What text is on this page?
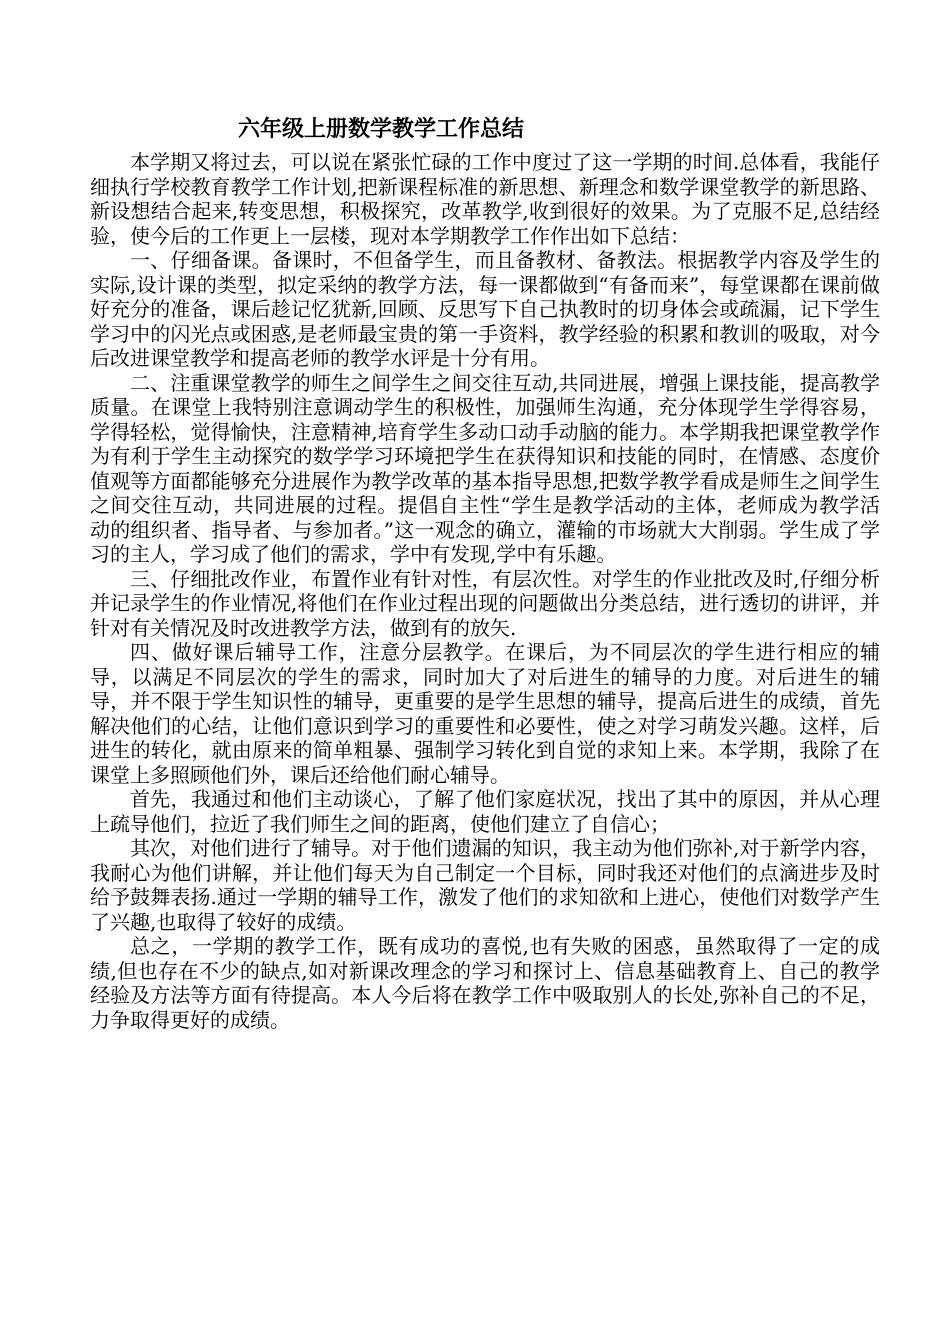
六年级上册数学教学工作总结

本学期又将过去，可以说在紧张忙碌的工作中度过了这一学期的时间.总体看，我能仔细执行学校教育教学工作计划,把新课程标准的新思想、新理念和数学课堂教学的新思路、新设想结合起来,转变思想，积极探究，改革教学,收到很好的效果。为了克服不足,总结经验，使今后的工作更上一层楼，现对本学期教学工作作出如下总结：

一、仔细备课。备课时，不但备学生，而且备教材、备教法。根据教学内容及学生的实际,设计课的类型，拟定采纳的教学方法，每一课都做到“有备而来”，每堂课都在课前做好充分的准备，课后趁记忆犹新,回顾、反思写下自己执教时的切身体会或疏漏，记下学生学习中的闪光点或困惑,是老师最宝贵的第一手资料，教学经验的积累和教训的吸取，对今后改进课堂教学和提高老师的教学水评是十分有用。

二、注重课堂教学的师生之间学生之间交往互动,共同进展，增强上课技能，提高教学质量。在课堂上我特别注意调动学生的积极性，加强师生沟通，充分体现学生学得容易，学得轻松，觉得愉快，注意精神,培育学生多动口动手动脑的能力。本学期我把课堂教学作为有利于学生主动探究的数学学习环境把学生在获得知识和技能的同时，在情感、态度价值观等方面都能够充分进展作为教学改革的基本指导思想,把数学教学看成是师生之间学生之间交往互动，共同进展的过程。提倡自主性“学生是教学活动的主体，老师成为教学活动的组织者、指导者、与参加者。”这一观念的确立，灌输的市场就大大削弱。学生成了学习的主人，学习成了他们的需求，学中有发现,学中有乐趣。

三、仔细批改作业，布置作业有针对性，有层次性。对学生的作业批改及时,仔细分析并记录学生的作业情况,将他们在作业过程出现的问题做出分类总结，进行透切的讲评，并针对有关情况及时改进教学方法，做到有的放矢.

四、做好课后辅导工作，注意分层教学。在课后，为不同层次的学生进行相应的辅导，以满足不同层次的学生的需求，同时加大了对后进生的辅导的力度。对后进生的辅导，并不限于学生知识性的辅导，更重要的是学生思想的辅导，提高后进生的成绩，首先解决他们的心结，让他们意识到学习的重要性和必要性，使之对学习萌发兴趣。这样，后进生的转化，就由原来的简单粗暴、强制学习转化到自觉的求知上来。本学期，我除了在课堂上多照顾他们外，课后还给他们耐心辅导。

首先，我通过和他们主动谈心，了解了他们家庭状况，找出了其中的原因，并从心理上疏导他们，拉近了我们师生之间的距离，使他们建立了自信心；

其次，对他们进行了辅导。对于他们遗漏的知识，我主动为他们弥补,对于新学内容，我耐心为他们讲解，并让他们每天为自己制定一个目标，同时我还对他们的点滴进步及时给予鼓舞表扬.通过一学期的辅导工作，激发了他们的求知欲和上进心，使他们对数学产生了兴趣,也取得了较好的成绩。

总之，一学期的教学工作，既有成功的喜悦,也有失败的困惑，虽然取得了一定的成绩,但也存在不少的缺点,如对新课改理念的学习和探讨上、信息基础教育上、自己的教学经验及方法等方面有待提高。本人今后将在教学工作中吸取别人的长处,弥补自己的不足，力争取得更好的成绩。
